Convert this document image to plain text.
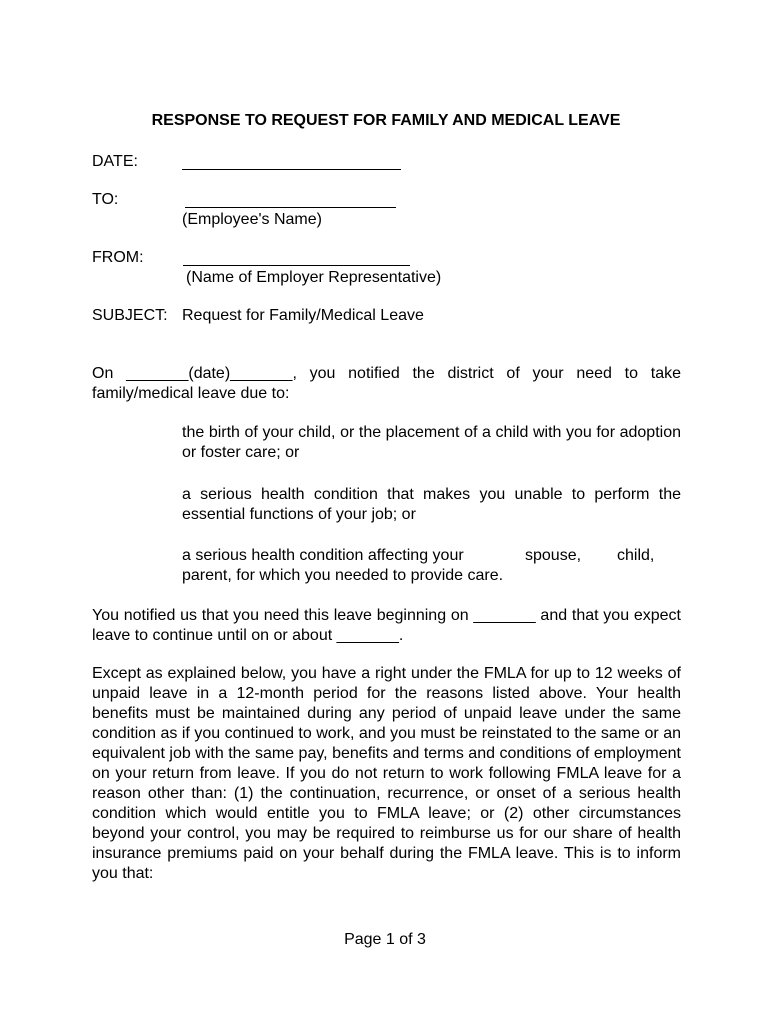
RESPONSE TO REQUEST FOR FAMILY AND MEDICAL LEAVE
DATE:
TO:
(Employee's Name)
FROM:
(Name of Employer Representative)
SUBJECT: Request for Family/Medical Leave
On _______(date)_______, you notified the district of your need to take family/medical leave due to:
the birth of your child, or the placement of a child with you for adoption or foster care; or
a serious health condition that makes you unable to perform the essential functions of your job; or
a serious health condition affecting your	spouse, child,
parent, for which you needed to provide care.
You notified us that you need this leave beginning on _______ and that you expect leave to continue until on or about _______.
Except as explained below, you have a right under the FMLA for up to 12 weeks of unpaid leave in a 12-month period for the reasons listed above. Your health benefits must be maintained during any period of unpaid leave under the same condition as if you continued to work, and you must be reinstated to the same or an equivalent job with the same pay, benefits and terms and conditions of employment on your return from leave. If you do not return to work following FMLA leave for a reason other than: (1) the continuation, recurrence, or onset of a serious health condition which would entitle you to FMLA leave; or (2) other circumstances beyond your control, you may be required to reimburse us for our share of health insurance premiums paid on your behalf during the FMLA leave. This is to inform you that:
Page 1 of 3
